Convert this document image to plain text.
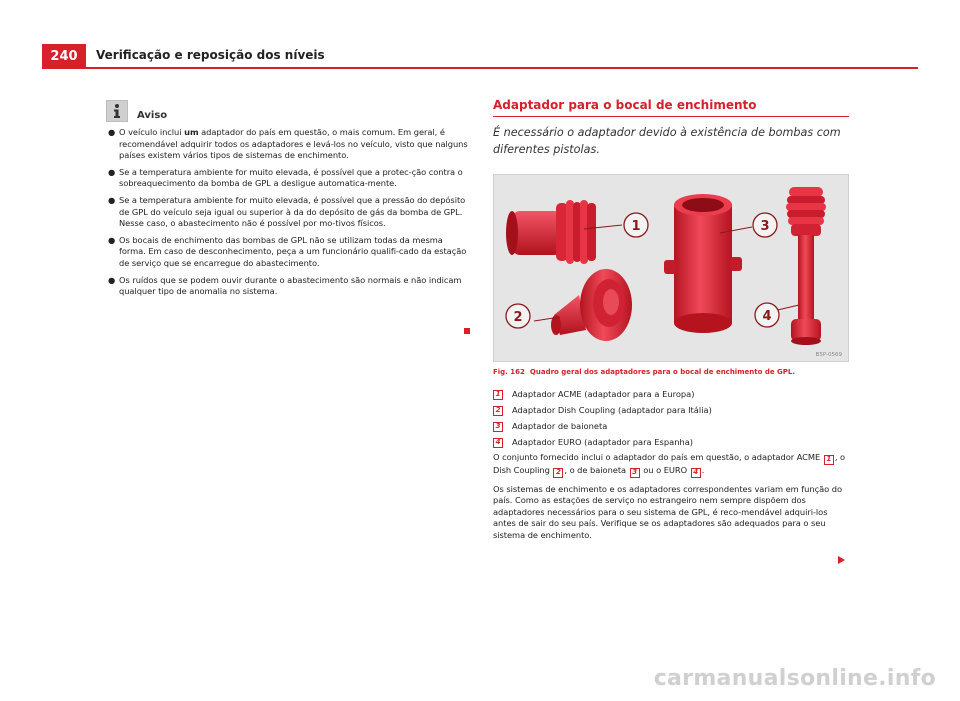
240	Verificação e reposição dos níveis
Aviso
● O veículo inclui um adaptador do país em questão, o mais comum. Em geral, é recomendável adquirir todos os adaptadores e levá-los no veículo, visto que nalguns países existem vários tipos de sistemas de enchimento.
● Se a temperatura ambiente for muito elevada, é possível que a protec-ção contra o sobreaquecimento da bomba de GPL a desligue automatica-mente.
● Se a temperatura ambiente for muito elevada, é possível que a pressão do depósito de GPL do veículo seja igual ou superior à da do depósito de gás da bomba de GPL. Nesse caso, o abastecimento não é possível por mo-tivos físicos.
● Os bocais de enchimento das bombas de GPL não se utilizam todas da mesma forma. Em caso de desconhecimento, peça a um funcionário qualifi-cado da estação de serviço que se encarregue do abastecimento.
● Os ruídos que se podem ouvir durante o abastecimento são normais e não indicam qualquer tipo de anomalia no sistema.
Adaptador para o bocal de enchimento
É necessário o adaptador devido à existência de bombas com diferentes pistolas.
1
2
3
4
B5P-0569
Fig. 162 Quadro geral dos adaptadores para o bocal de enchimento de GPL.
1	Adaptador ACME (adaptador para a Europa)
2	Adaptador Dish Coupling (adaptador para Itália)
3	Adaptador de baioneta
4	Adaptador EURO (adaptador para Espanha)
O conjunto fornecido inclui o adaptador do país em questão, o adaptador ACME 1 , o Dish Coupling 2 , o de baioneta 3 ou o EURO 4 .
Os sistemas de enchimento e os adaptadores correspondentes variam em função do país. Como as estações de serviço no estrangeiro nem sempre dispõem dos adaptadores necessários para o seu sistema de GPL, é reco-mendável adquiri-los antes de sair do seu país. Verifique se os adaptadores são adequados para o seu sistema de enchimento.
carmanualsonline.info
